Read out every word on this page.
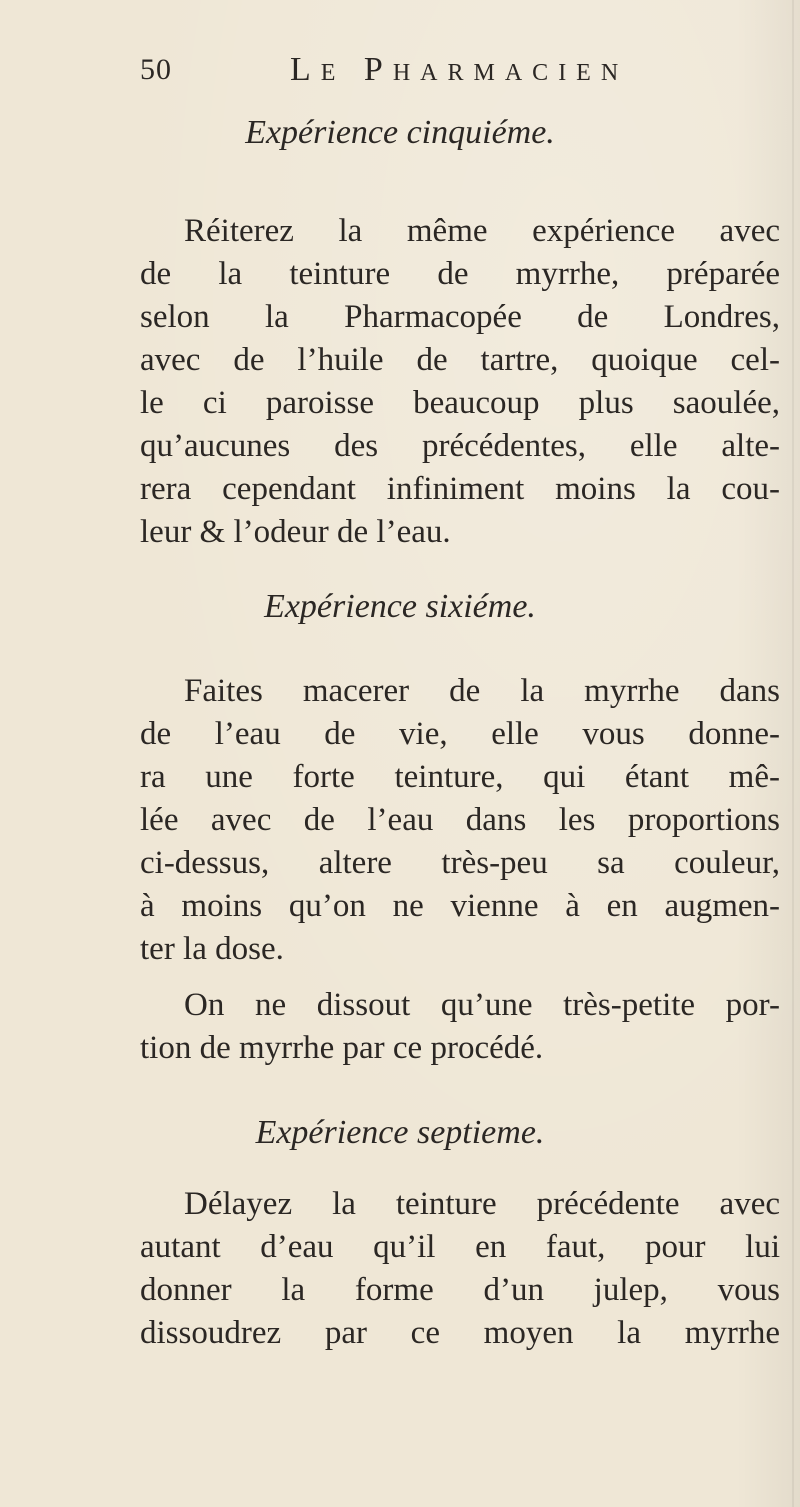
50	Le Pharmacien
Expérience cinquiéme.
Réiterez la même expérience avec
de la teinture de myrrhe, préparée
selon la Pharmacopée de Londres,
avec de l’huile de tartre, quoique cel-
le ci paroisse beaucoup plus saoulée,
qu’aucunes des précédentes, elle alte-
rera cependant infiniment moins la cou-
leur & l’odeur de l’eau.
Expérience sixiéme.
Faites macerer de la myrrhe dans
de l’eau de vie, elle vous donne-
ra une forte teinture, qui étant mê-
lée avec de l’eau dans les proportions
ci-dessus, altere très-peu sa couleur,
à moins qu’on ne vienne à en augmen-
ter la dose.
On ne dissout qu’une très-petite por-
tion de myrrhe par ce procédé.
Expérience septieme.
Délayez la teinture précédente avec
autant d’eau qu’il en faut, pour lui
donner la forme d’un julep, vous
dissoudrez par ce moyen la myrrhe
